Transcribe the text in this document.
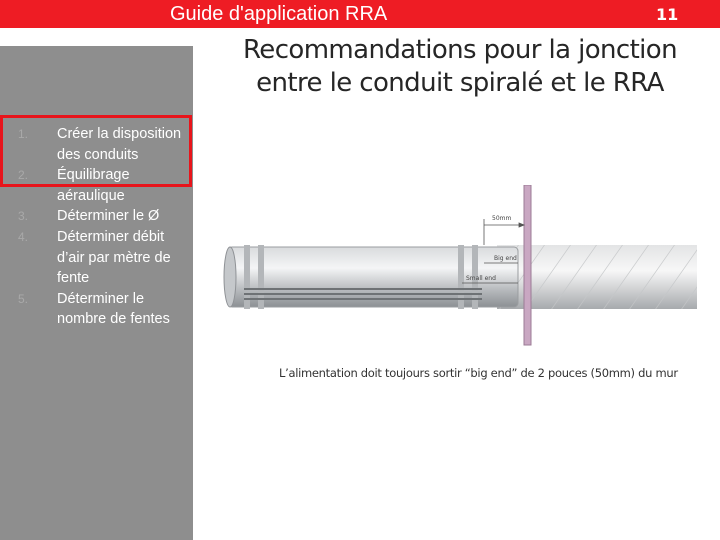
Guide d'application RRA	11
Recommandations pour la jonction entre le conduit spiralé et le RRA
1. Créer la disposition des conduits
2. Équilibrage aéraulique
3. Déterminer le Ø
4. Déterminer débit d’air par mètre de fente
5. Déterminer le nombre de fentes
50mm
Big end
Small end
L’alimentation doit toujours sortir “big end” de 2 pouces (50mm) du mur
